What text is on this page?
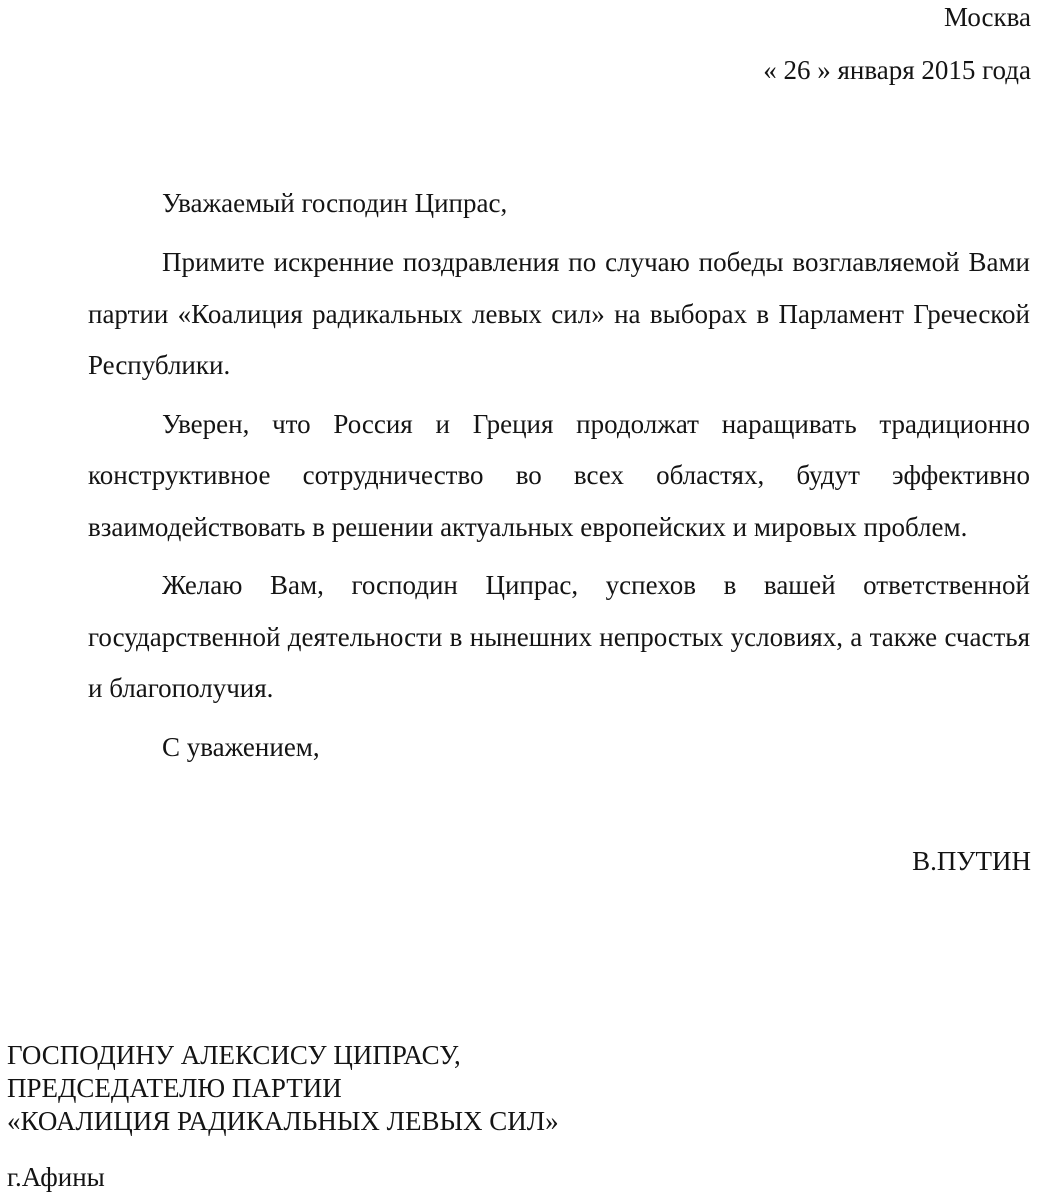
Москва
« 26 » января 2015 года
Уважаемый господин Ципрас,

Примите искренние поздравления по случаю победы возглавляемой Вами партии «Коалиция радикальных левых сил» на выборах в Парламент Греческой Республики.

Уверен, что Россия и Греция продолжат наращивать традиционно конструктивное сотрудничество во всех областях, будут эффективно взаимодействовать в решении актуальных европейских и мировых проблем.

Желаю Вам, господин Ципрас, успехов в вашей ответственной государственной деятельности в нынешних непростых условиях, а также счастья и благополучия.

С уважением,

В.ПУТИН
ГОСПОДИНУ АЛЕКСИСУ ЦИПРАСУ,
ПРЕДСЕДАТЕЛЮ ПАРТИИ
«КОАЛИЦИЯ РАДИКАЛЬНЫХ ЛЕВЫХ СИЛ»
г.Афины
